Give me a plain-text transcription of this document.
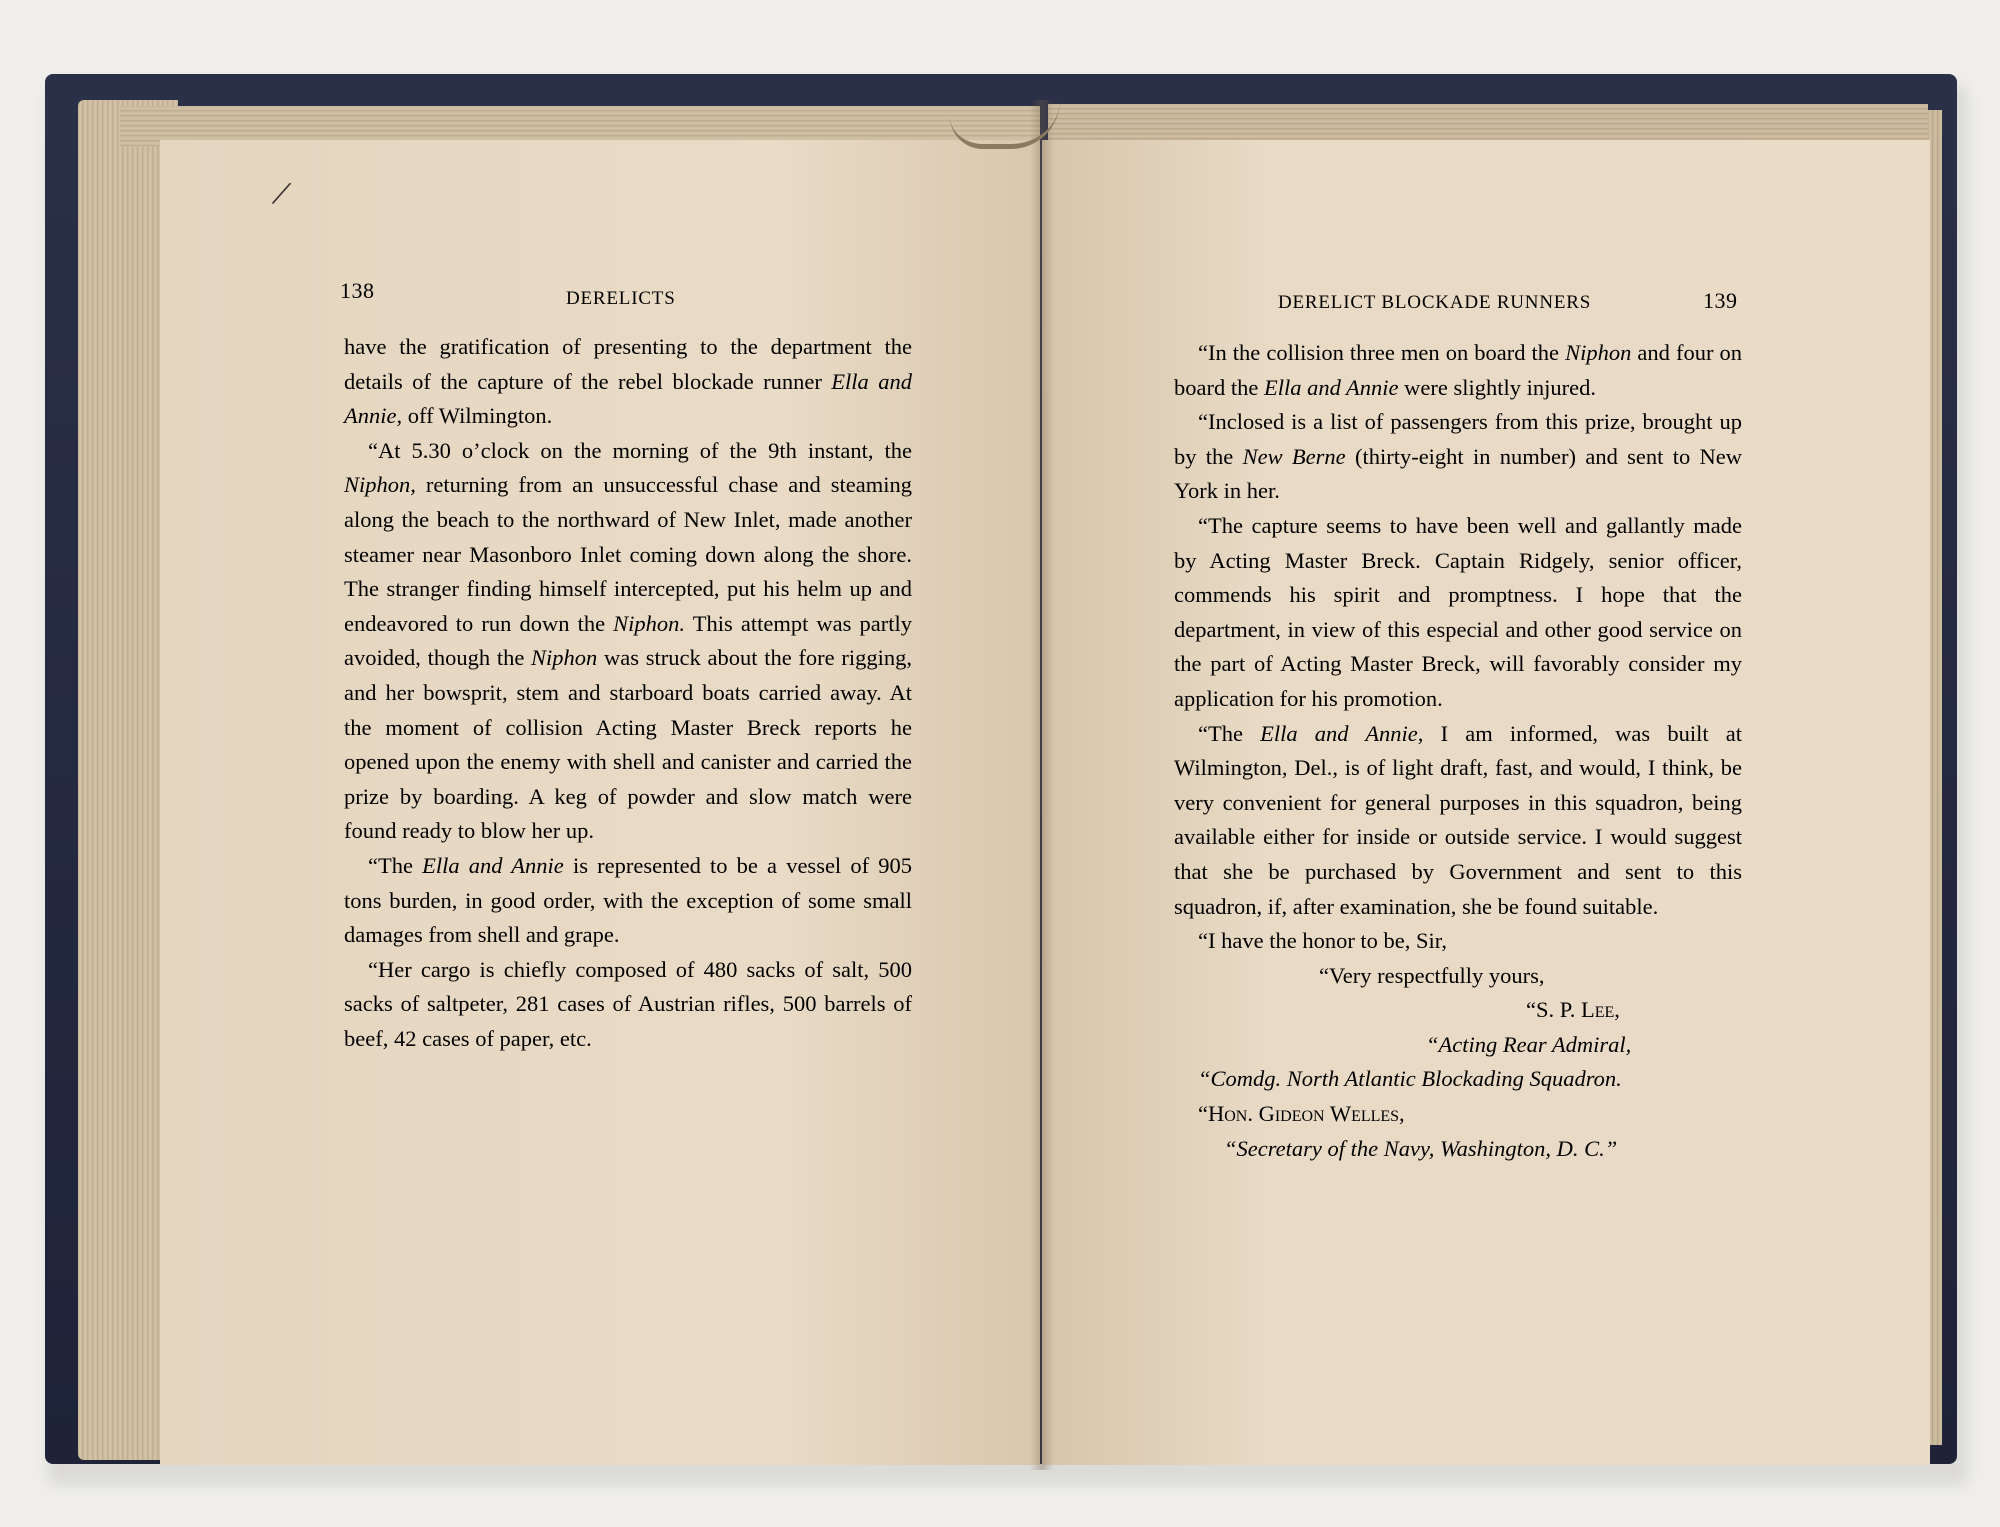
/
138	DERELICTS

have the gratification of presenting to the department the details of the capture of the rebel blockade runner Ella and Annie, off Wilmington.

“At 5.30 o’clock on the morning of the 9th instant, the Niphon, returning from an unsuccessful chase and steaming along the beach to the northward of New Inlet, made another steamer near Masonboro Inlet coming down along the shore. The stranger finding himself intercepted, put his helm up and endeavored to run down the Niphon. This attempt was partly avoided, though the Niphon was struck about the fore rigging, and her bowsprit, stem and starboard boats carried away. At the moment of collision Acting Master Breck reports he opened upon the enemy with shell and canister and carried the prize by boarding. A keg of powder and slow match were found ready to blow her up.

“The Ella and Annie is represented to be a vessel of 905 tons burden, in good order, with the exception of some small damages from shell and grape.

“Her cargo is chiefly composed of 480 sacks of salt, 500 sacks of saltpeter, 281 cases of Austrian rifles, 500 barrels of beef, 42 cases of paper, etc.

DERELICT BLOCKADE RUNNERS	139

“In the collision three men on board the Niphon and four on board the Ella and Annie were slightly injured.

“Inclosed is a list of passengers from this prize, brought up by the New Berne (thirty-eight in number) and sent to New York in her.

“The capture seems to have been well and gallantly made by Acting Master Breck. Captain Ridgely, senior officer, commends his spirit and promptness. I hope that the department, in view of this especial and other good service on the part of Acting Master Breck, will favorably consider my application for his promotion.

“The Ella and Annie, I am informed, was built at Wilmington, Del., is of light draft, fast, and would, I think, be very convenient for general purposes in this squadron, being available either for inside or outside service. I would suggest that she be purchased by Government and sent to this squadron, if, after examination, she be found suitable.

“I have the honor to be, Sir,

“Very respectfully yours,

“S. P. Lee,

“Acting Rear Admiral,

“Comdg. North Atlantic Blockading Squadron.

“Hon. Gideon Welles,

“Secretary of the Navy, Washington, D. C.”
